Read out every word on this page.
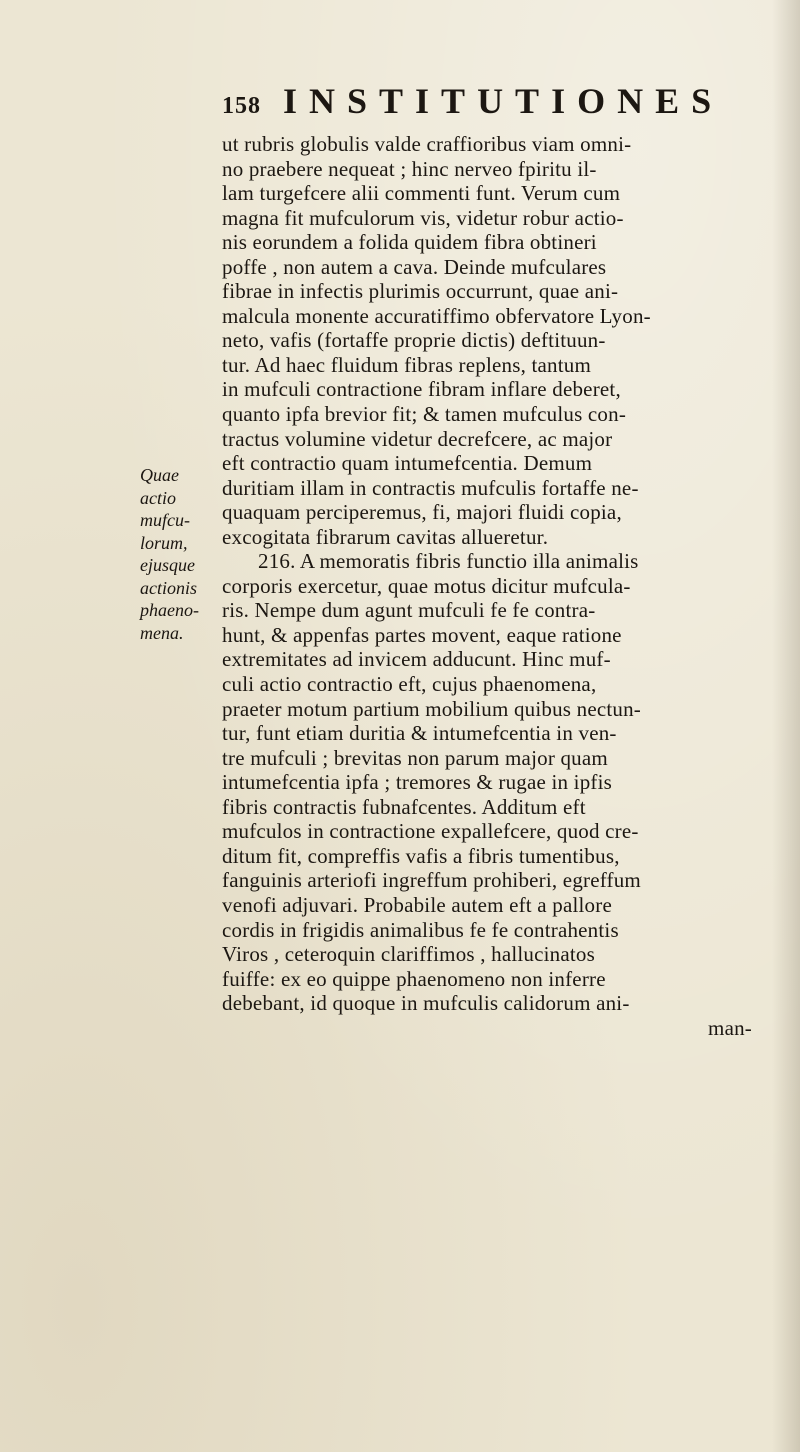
158 INSTITUTIONES
Quae
actio
mufcu-
lorum,
ejusque
actionis
phaeno-
mena.
ut rubris globulis valde craffioribus viam omni-
no praebere nequeat ; hinc nerveo fpiritu il-
lam turgefcere alii commenti funt. Verum cum
magna fit mufculorum vis, videtur robur actio-
nis eorundem a folida quidem fibra obtineri
poffe , non autem a cava. Deinde mufculares
fibrae in infectis plurimis occurrunt, quae ani-
malcula monente accuratiffimo obfervatore Lyon-
neto, vafis (fortaffe proprie dictis) deftituun-
tur. Ad haec fluidum fibras replens, tantum
in mufculi contractione fibram inflare deberet,
quanto ipfa brevior fit; & tamen mufculus con-
tractus volumine videtur decrefcere, ac major
eft contractio quam intumefcentia. Demum
duritiam illam in contractis mufculis fortaffe ne-
quaquam perciperemus, fi, majori fluidi copia,
excogitata fibrarum cavitas allueretur.
216. A memoratis fibris functio illa animalis
corporis exercetur, quae motus dicitur mufcula-
ris. Nempe dum agunt mufculi fe fe contra-
hunt, & appenfas partes movent, eaque ratione
extremitates ad invicem adducunt. Hinc muf-
culi actio contractio eft, cujus phaenomena,
praeter motum partium mobilium quibus nectun-
tur, funt etiam duritia & intumefcentia in ven-
tre mufculi ; brevitas non parum major quam
intumefcentia ipfa ; tremores & rugae in ipfis
fibris contractis fubnafcentes. Additum eft
mufculos in contractione expallefcere, quod cre-
ditum fit, compreffis vafis a fibris tumentibus,
fanguinis arteriofi ingreffum prohiberi, egreffum
venofi adjuvari. Probabile autem eft a pallore
cordis in frigidis animalibus fe fe contrahentis
Viros , ceteroquin clariffimos , hallucinatos
fuiffe: ex eo quippe phaenomeno non inferre
debebant, id quoque in mufculis calidorum ani-
man-
